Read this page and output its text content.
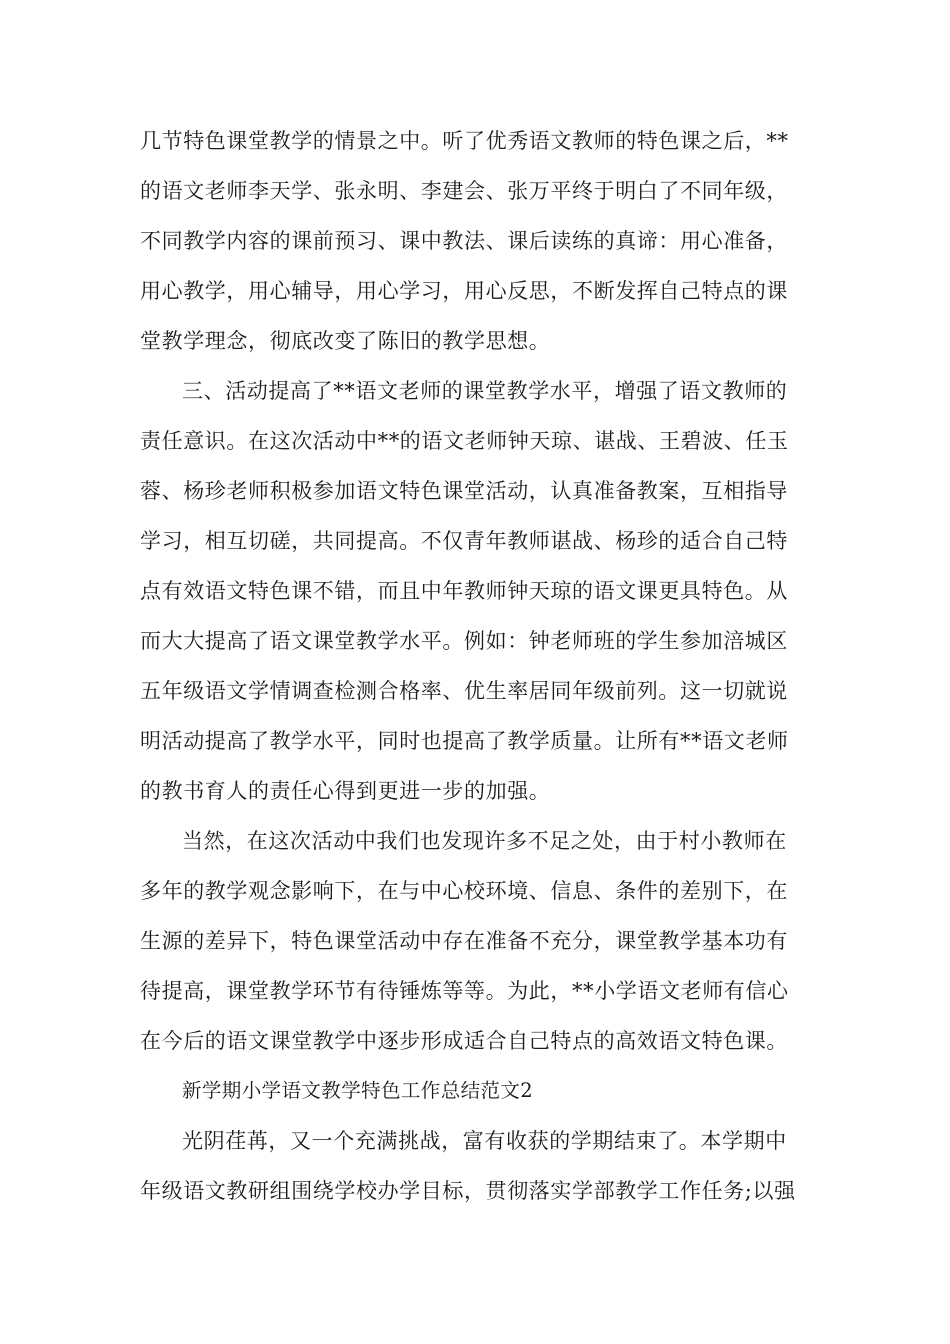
几节特色课堂教学的情景之中。听了优秀语文教师的特色课之后，**
的语文老师李天学、张永明、李建会、张万平终于明白了不同年级，
不同教学内容的课前预习、课中教法、课后读练的真谛：用心准备，
用心教学，用心辅导，用心学习，用心反思，不断发挥自己特点的课
堂教学理念，彻底改变了陈旧的教学思想。
三、活动提高了**语文老师的课堂教学水平，增强了语文教师的
责任意识。在这次活动中**的语文老师钟天琼、谌战、王碧波、任玉
蓉、杨珍老师积极参加语文特色课堂活动，认真准备教案，互相指导
学习，相互切磋，共同提高。不仅青年教师谌战、杨珍的适合自己特
点有效语文特色课不错，而且中年教师钟天琼的语文课更具特色。从
而大大提高了语文课堂教学水平。例如：钟老师班的学生参加涪城区
五年级语文学情调查检测合格率、优生率居同年级前列。这一切就说
明活动提高了教学水平，同时也提高了教学质量。让所有**语文老师
的教书育人的责任心得到更进一步的加强。
当然，在这次活动中我们也发现许多不足之处，由于村小教师在
多年的教学观念影响下，在与中心校环境、信息、条件的差别下，在
生源的差异下，特色课堂活动中存在准备不充分，课堂教学基本功有
待提高，课堂教学环节有待锤炼等等。为此，**小学语文老师有信心
在今后的语文课堂教学中逐步形成适合自己特点的高效语文特色课。
新学期小学语文教学特色工作总结范文2
光阴荏苒，又一个充满挑战，富有收获的学期结束了。本学期中
年级语文教研组围绕学校办学目标，贯彻落实学部教学工作任务;以强
